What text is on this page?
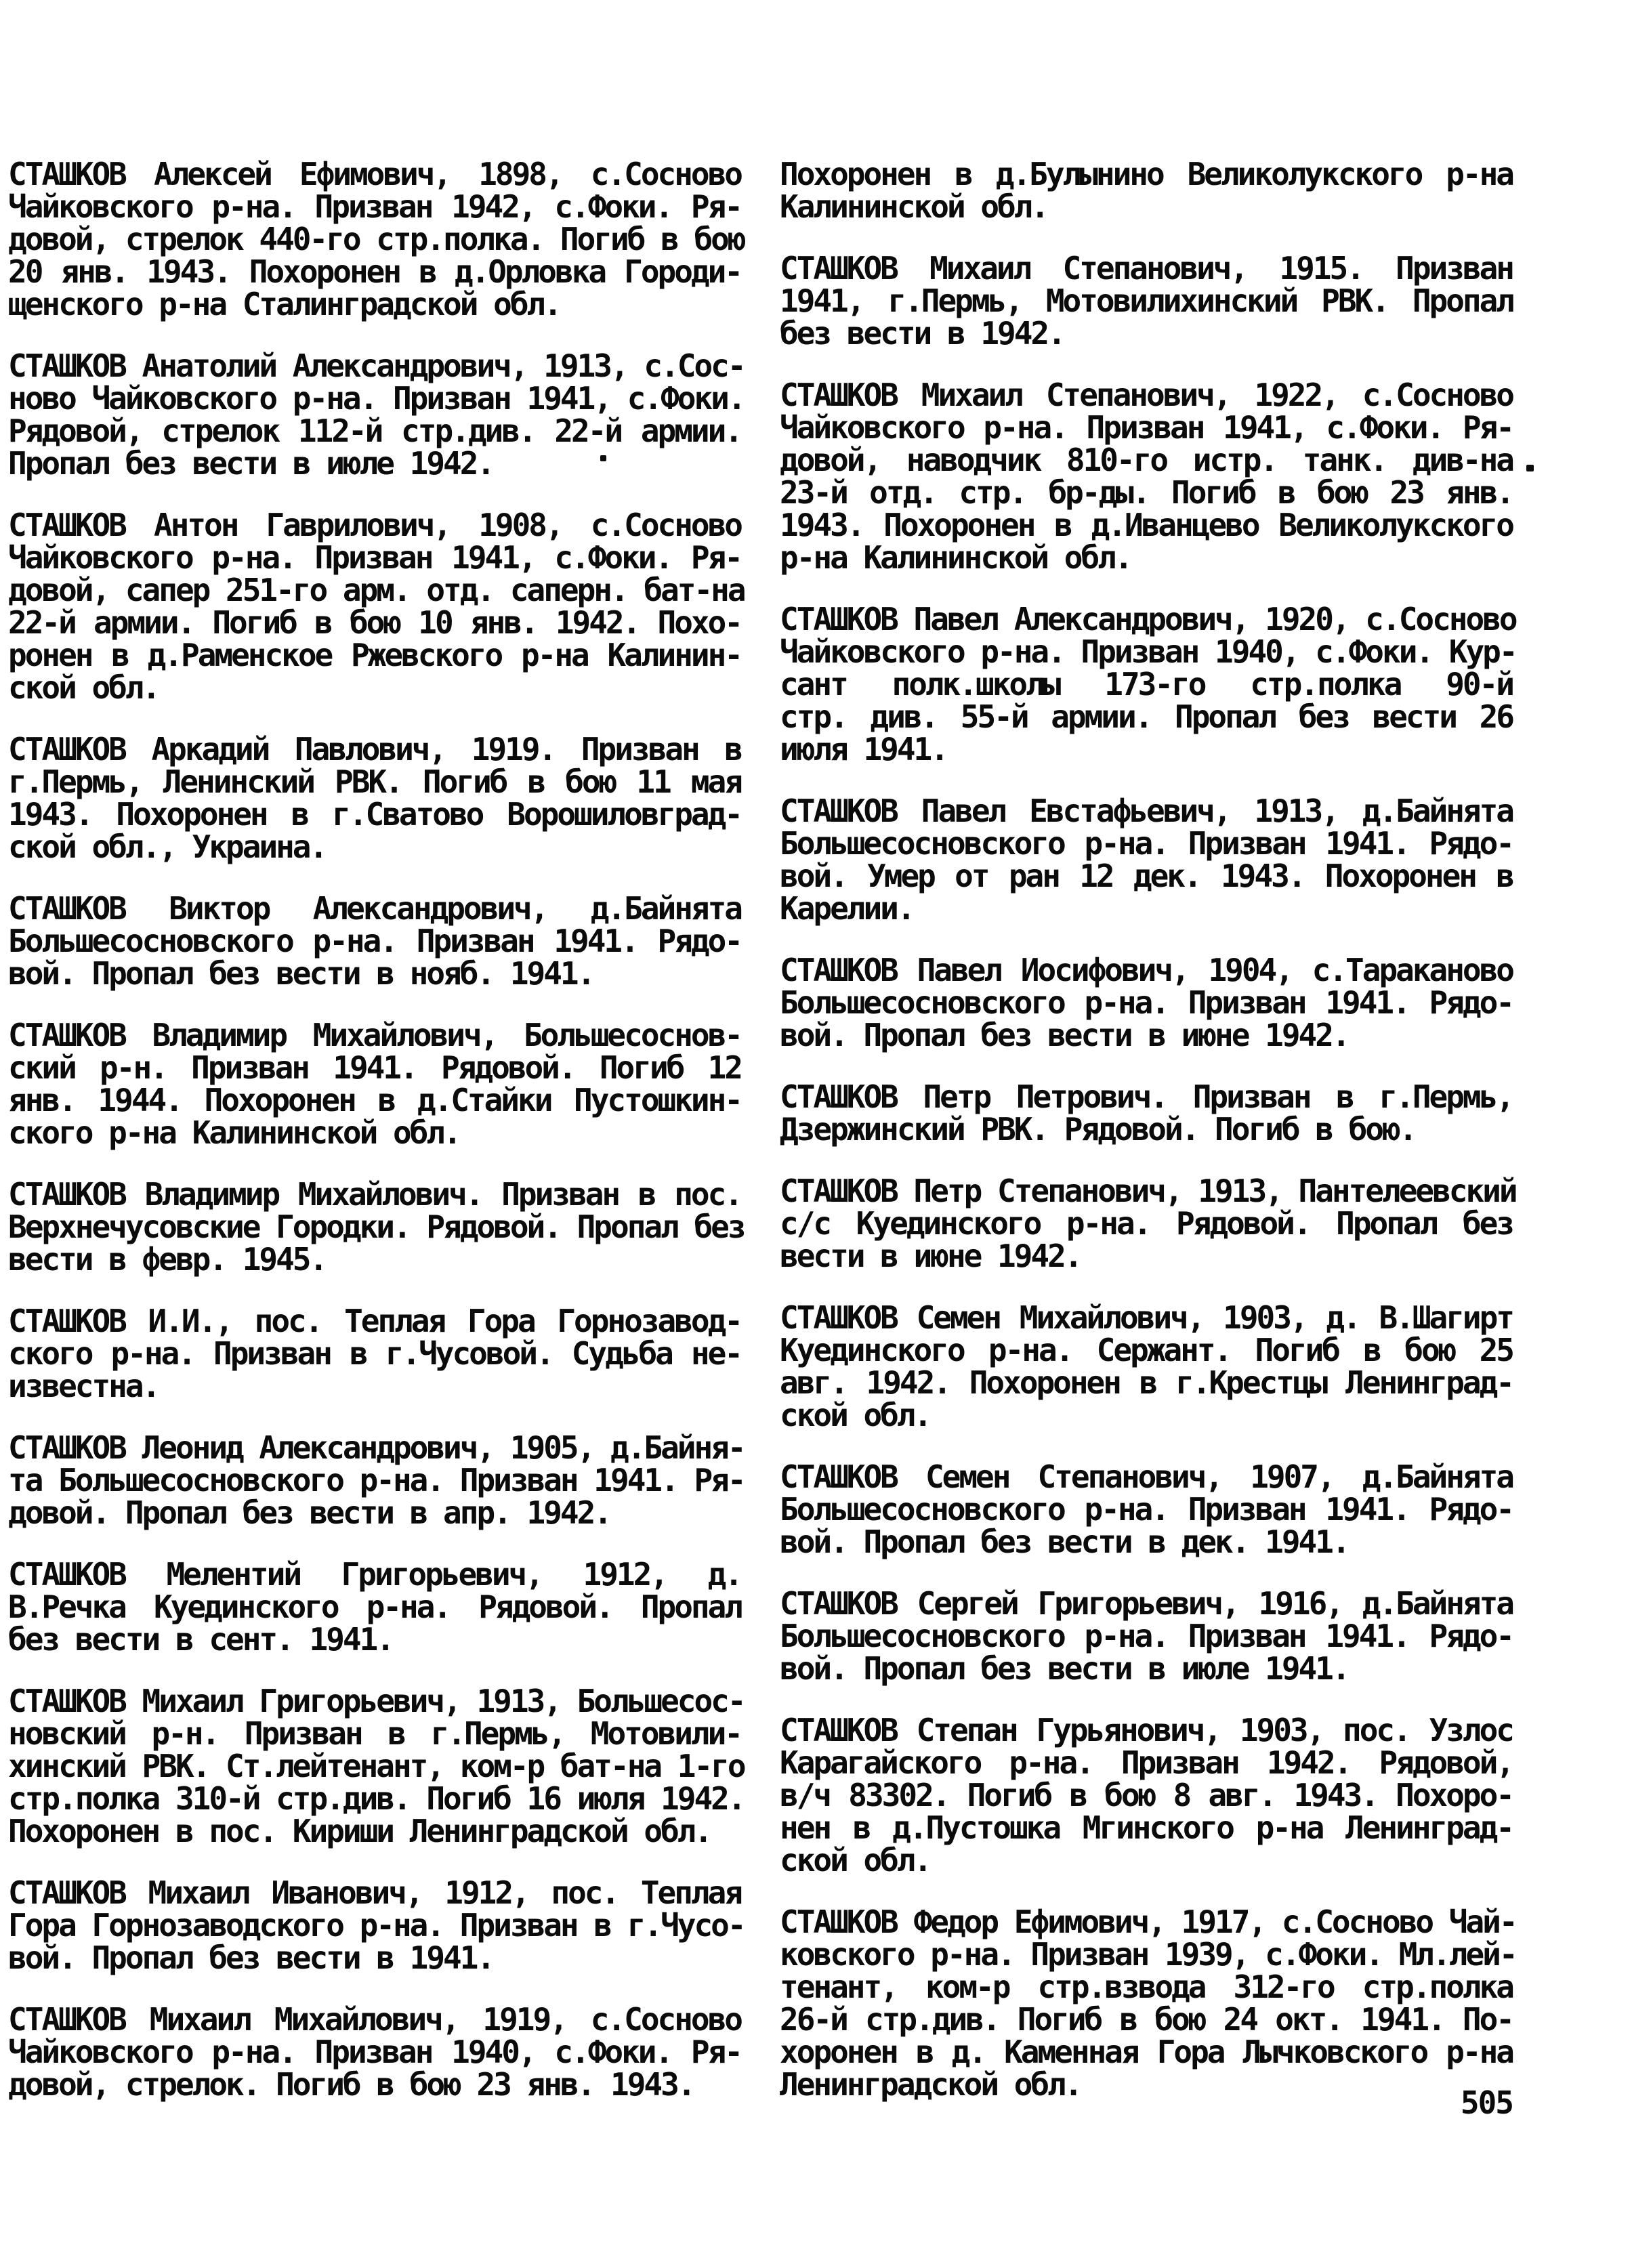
СТАШКОВ Алексей Ефимович, 1898, с.Сосново
Чайковского р-на. Призван 1942, с.Фоки. Ря-
довой, стрелок 440-го стр.полка. Погиб в бою
20 янв. 1943. Похоронен в д.Орловка Городи-
щенского р-на Сталинградской обл.
СТАШКОВ Анатолий Александрович, 1913, с.Сос-
ново Чайковского р-на. Призван 1941, с.Фоки.
Рядовой, стрелок 112-й стр.див. 22-й армии.
Пропал без вести в июле 1942.
СТАШКОВ Антон Гаврилович, 1908, с.Сосново
Чайковского р-на. Призван 1941, с.Фоки. Ря-
довой, сапер 251-го арм. отд. саперн. бат-на
22-й армии. Погиб в бою 10 янв. 1942. Похо-
ронен в д.Раменское Ржевского р-на Калинин-
ской обл.
СТАШКОВ Аркадий Павлович, 1919. Призван в
г.Пермь, Ленинский РВК. Погиб в бою 11 мая
1943. Похоронен в г.Сватово Ворошиловград-
ской обл., Украина.
СТАШКОВ Виктор Александрович, д.Байнята
Большесосновского р-на. Призван 1941. Рядо-
вой. Пропал без вести в нояб. 1941.
СТАШКОВ Владимир Михайлович, Большесоснов-
ский р-н. Призван 1941. Рядовой. Погиб 12
янв. 1944. Похоронен в д.Стайки Пустошкин-
ского р-на Калининской обл.
СТАШКОВ Владимир Михайлович. Призван в пос.
Верхнечусовские Городки. Рядовой. Пропал без
вести в февр. 1945.
СТАШКОВ И.И., пос. Теплая Гора Горнозавод-
ского р-на. Призван в г.Чусовой. Судьба не-
известна.
СТАШКОВ Леонид Александрович, 1905, д.Байня-
та Большесосновского р-на. Призван 1941. Ря-
довой. Пропал без вести в апр. 1942.
СТАШКОВ Мелентий Григорьевич, 1912, д.
В.Речка Куединского р-на. Рядовой. Пропал
без вести в сент. 1941.
СТАШКОВ Михаил Григорьевич, 1913, Большесос-
новский р-н. Призван в г.Пермь, Мотовили-
хинский РВК. Ст.лейтенант, ком-р бат-на 1-го
стр.полка 310-й стр.див. Погиб 16 июля 1942.
Похоронен в пос. Кириши Ленинградской обл.
СТАШКОВ Михаил Иванович, 1912, пос. Теплая
Гора Горнозаводского р-на. Призван в г.Чусо-
вой. Пропал без вести в 1941.
СТАШКОВ Михаил Михайлович, 1919, с.Сосново
Чайковского р-на. Призван 1940, с.Фоки. Ря-
довой, стрелок. Погиб в бою 23 янв. 1943.
Похоронен в д.Булынино Великолукского р-на
Калининской обл.
СТАШКОВ Михаил Степанович, 1915. Призван
1941, г.Пермь, Мотовилихинский РВК. Пропал
без вести в 1942.
СТАШКОВ Михаил Степанович, 1922, с.Сосново
Чайковского р-на. Призван 1941, с.Фоки. Ря-
довой, наводчик 810-го истр. танк. див-на
23-й отд. стр. бр-ды. Погиб в бою 23 янв.
1943. Похоронен в д.Иванцево Великолукского
р-на Калининской обл.
СТАШКОВ Павел Александрович, 1920, с.Сосново
Чайковского р-на. Призван 1940, с.Фоки. Кур-
сант полк.школы 173-го стр.полка 90-й
стр. див. 55-й армии. Пропал без вести 26
июля 1941.
СТАШКОВ Павел Евстафьевич, 1913, д.Байнята
Большесосновского р-на. Призван 1941. Рядо-
вой. Умер от ран 12 дек. 1943. Похоронен в
Карелии.
СТАШКОВ Павел Иосифович, 1904, с.Тараканово
Большесосновского р-на. Призван 1941. Рядо-
вой. Пропал без вести в июне 1942.
СТАШКОВ Петр Петрович. Призван в г.Пермь,
Дзержинский РВК. Рядовой. Погиб в бою.
СТАШКОВ Петр Степанович, 1913, Пантелеевский
с/с Куединского р-на. Рядовой. Пропал без
вести в июне 1942.
СТАШКОВ Семен Михайлович, 1903, д. В.Шагирт
Куединского р-на. Сержант. Погиб в бою 25
авг. 1942. Похоронен в г.Крестцы Ленинград-
ской обл.
СТАШКОВ Семен Степанович, 1907, д.Байнята
Большесосновского р-на. Призван 1941. Рядо-
вой. Пропал без вести в дек. 1941.
СТАШКОВ Сергей Григорьевич, 1916, д.Байнята
Большесосновского р-на. Призван 1941. Рядо-
вой. Пропал без вести в июле 1941.
СТАШКОВ Степан Гурьянович, 1903, пос. Узлос
Карагайского р-на. Призван 1942. Рядовой,
в/ч 83302. Погиб в бою 8 авг. 1943. Похоро-
нен в д.Пустошка Мгинского р-на Ленинград-
ской обл.
СТАШКОВ Федор Ефимович, 1917, с.Сосново Чай-
ковского р-на. Призван 1939, с.Фоки. Мл.лей-
тенант, ком-р стр.взвода 312-го стр.полка
26-й стр.див. Погиб в бою 24 окт. 1941. По-
хоронен в д. Каменная Гора Лычковского р-на
Ленинградской обл.	505
